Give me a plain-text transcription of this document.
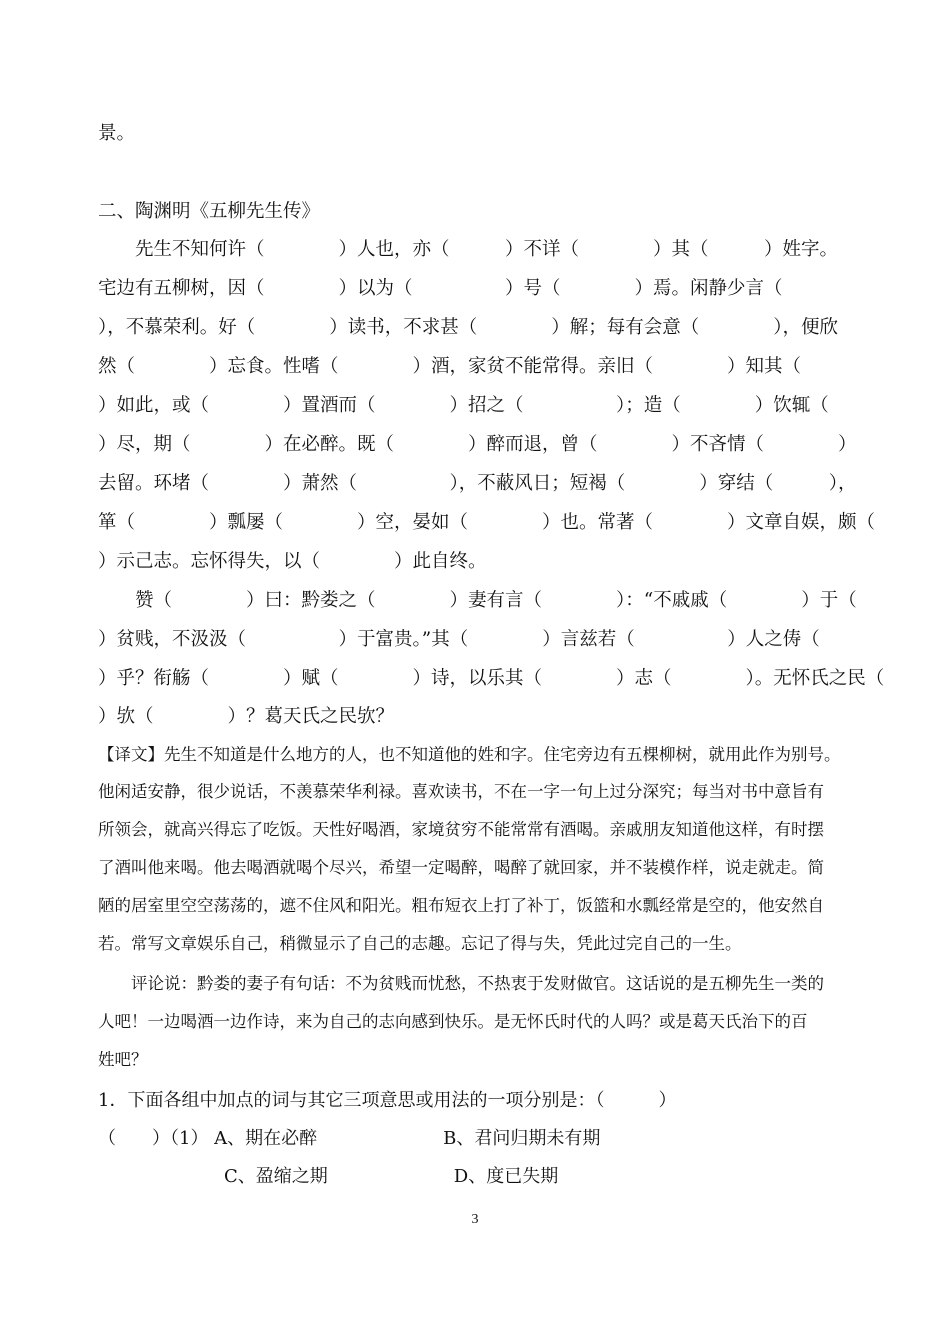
景。
二、陶渊明《五柳先生传》
　　先生不知何许（　　　　）人也，亦（　　　）不详（　　　　）其（　　　）姓字。
宅边有五柳树，因（　　　　）以为（　　　　　）号（　　　　）焉。闲静少言（
），不慕荣利。好（　　　　）读书，不求甚（　　　　）解；每有会意（　　　　），便欣
然（　　　　）忘食。性嗜（　　　　）酒，家贫不能常得。亲旧（　　　　）知其（
）如此，或（　　　　）置酒而（　　　　）招之（　　　　　）；造（　　　　）饮辄（
）尽，期（　　　　）在必醉。既（　　　　）醉而退，曾（　　　　）不吝情（　　　　）
去留。环堵（　　　　）萧然（　　　　　），不蔽风日；短褐（　　　　）穿结（　　　），
箪（　　　　）瓢屡（　　　　）空，晏如（　　　　）也。常著（　　　　）文章自娱，颇（
）示己志。忘怀得失，以（　　　　）此自终。
　　赞（　　　　）曰：黔娄之（　　　　）妻有言（　　　　）：“不戚戚（　　　　）于（
）贫贱，不汲汲（　　　　　）于富贵。”其（　　　　）言兹若（　　　　　）人之俦（
）乎？衔觞（　　　　）赋（　　　　）诗，以乐其（　　　　）志（　　　　）。无怀氏之民（
）欤（　　　　）？葛天氏之民欤？
【译文】先生不知道是什么地方的人，也不知道他的姓和字。住宅旁边有五棵柳树，就用此作为别号。
他闲适安静，很少说话，不羡慕荣华利禄。喜欢读书，不在一字一句上过分深究；每当对书中意旨有
所领会，就高兴得忘了吃饭。天性好喝酒，家境贫穷不能常常有酒喝。亲戚朋友知道他这样，有时摆
了酒叫他来喝。他去喝酒就喝个尽兴，希望一定喝醉，喝醉了就回家，并不装模作样，说走就走。简
陋的居室里空空荡荡的，遮不住风和阳光。粗布短衣上打了补丁，饭篮和水瓢经常是空的，他安然自
若。常写文章娱乐自己，稍微显示了自己的志趣。忘记了得与失，凭此过完自己的一生。
　　评论说：黔娄的妻子有句话：不为贫贱而忧愁，不热衷于发财做官。这话说的是五柳先生一类的
人吧！一边喝酒一边作诗，来为自己的志向感到快乐。是无怀氏时代的人吗？或是葛天氏治下的百
姓吧？
1．下面各组中加点的词与其它三项意思或用法的一项分别是：（　　　）
（　　）（1） A、期在必醉　　　　　　　B、君问归期未有期
　　　　　　　C、盈缩之期　　　　　　　D、度已失期
3
